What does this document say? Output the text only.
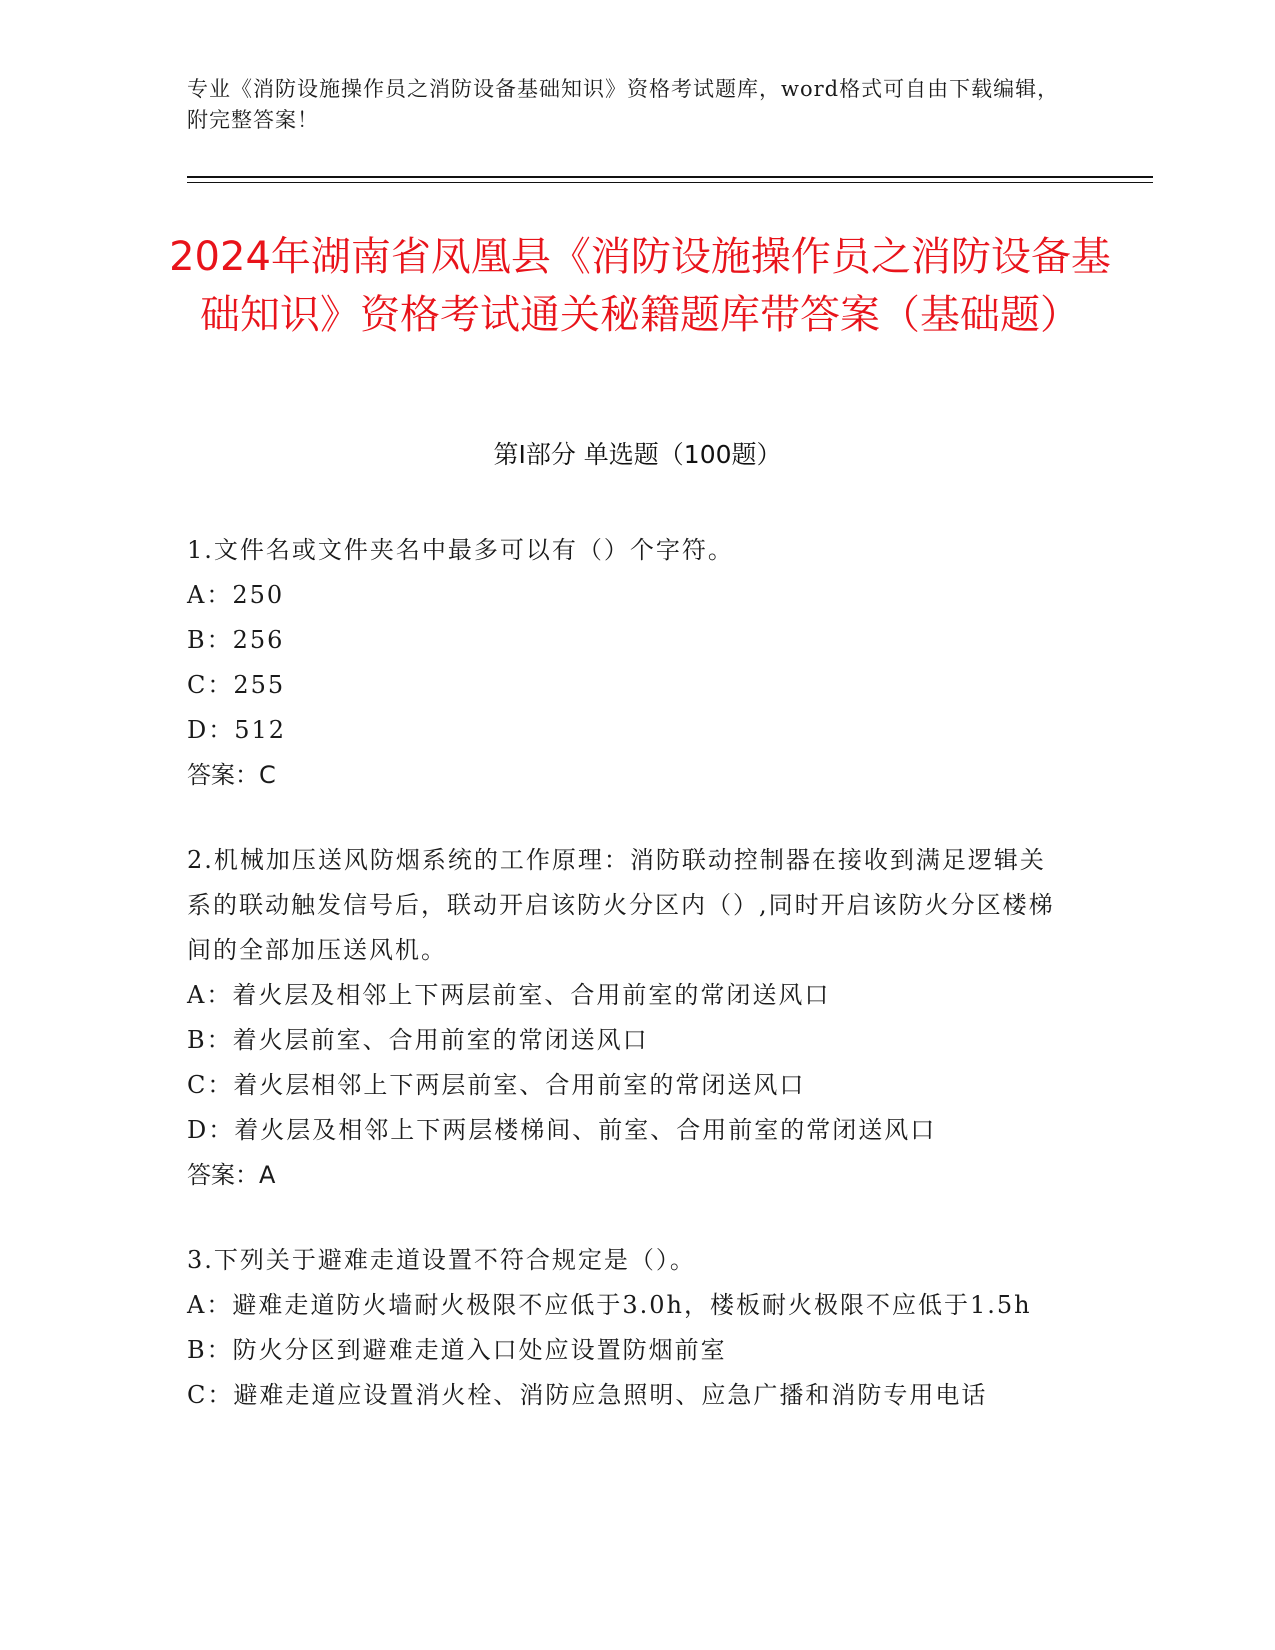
专业《消防设施操作员之消防设备基础知识》资格考试题库，word格式可自由下载编辑，附完整答案！
2024年湖南省凤凰县《消防设施操作员之消防设备基础知识》资格考试通关秘籍题库带答案（基础题）
第I部分 单选题（100题）

1.文件名或文件夹名中最多可以有（）个字符。

A：250

B：256

C：255

D：512

答案：C

2.机械加压送风防烟系统的工作原理：消防联动控制器在接收到满足逻辑关系的联动触发信号后，联动开启该防火分区内（）,同时开启该防火分区楼梯间的全部加压送风机。

A：着火层及相邻上下两层前室、合用前室的常闭送风口

B：着火层前室、合用前室的常闭送风口

C：着火层相邻上下两层前室、合用前室的常闭送风口

D：着火层及相邻上下两层楼梯间、前室、合用前室的常闭送风口

答案：A

3.下列关于避难走道设置不符合规定是（）。

A：避难走道防火墙耐火极限不应低于3.0h，楼板耐火极限不应低于1.5h

B：防火分区到避难走道入口处应设置防烟前室

C：避难走道应设置消火栓、消防应急照明、应急广播和消防专用电话
